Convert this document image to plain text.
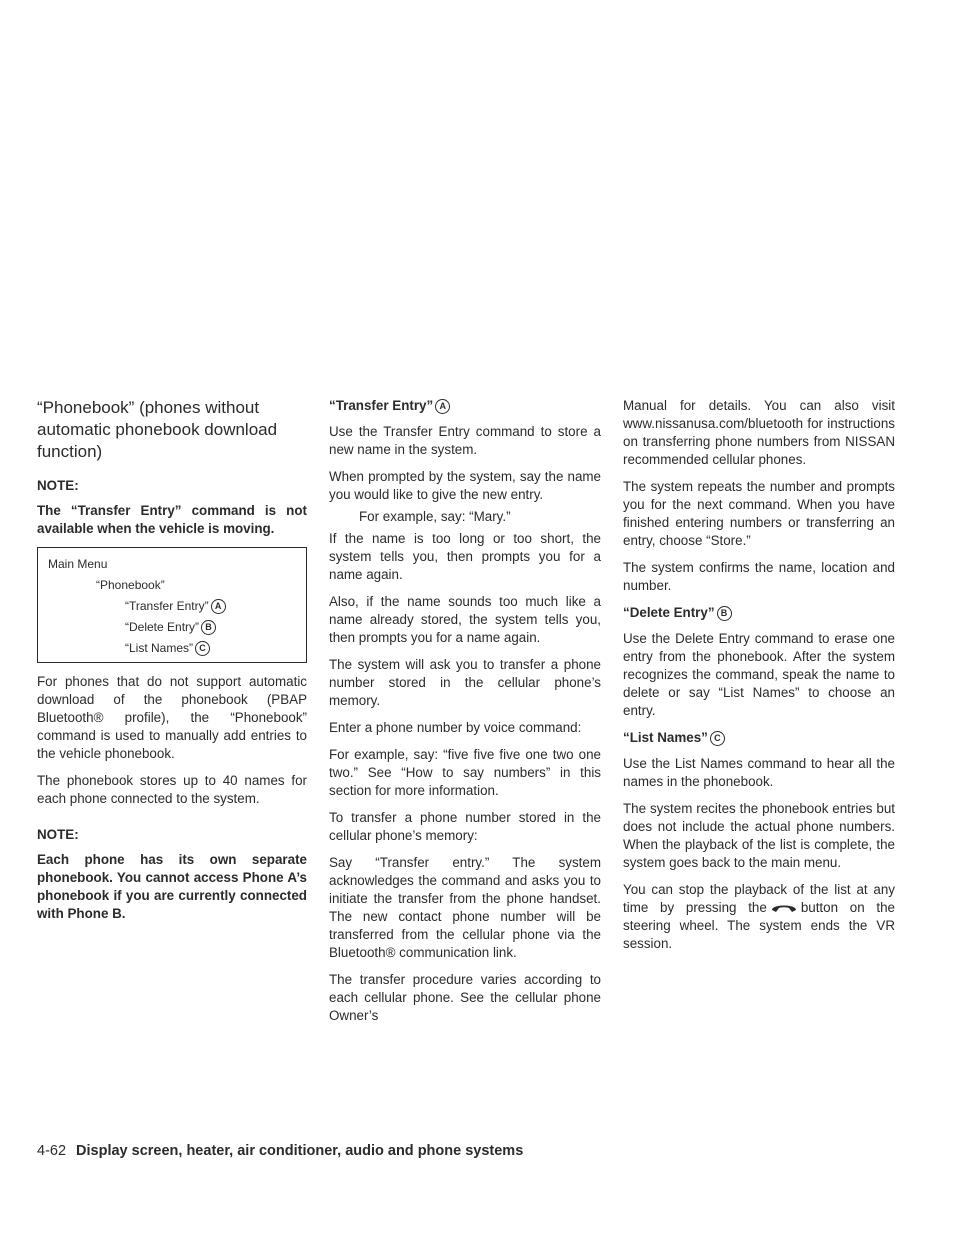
“Phonebook” (phones without automatic phonebook download function)
NOTE:

The “Transfer Entry” command is not available when the vehicle is moving.

Main Menu
“Phonebook”
“Transfer Entry” A
“Delete Entry” B
“List Names” C

For phones that do not support automatic download of the phonebook (PBAP Bluetooth® profile), the “Phonebook” command is used to manually add entries to the vehicle phonebook.

The phonebook stores up to 40 names for each phone connected to the system.

NOTE:

Each phone has its own separate phonebook. You cannot access Phone A’s phonebook if you are currently connected with Phone B.

“Transfer Entry” A

Use the Transfer Entry command to store a new name in the system.

When prompted by the system, say the name you would like to give the new entry.

For example, say: “Mary.”

If the name is too long or too short, the system tells you, then prompts you for a name again.

Also, if the name sounds too much like a name already stored, the system tells you, then prompts you for a name again.

The system will ask you to transfer a phone number stored in the cellular phone’s memory.

Enter a phone number by voice command:

For example, say: “five five five one two one two.” See “How to say numbers” in this section for more information.

To transfer a phone number stored in the cellular phone’s memory:

Say “Transfer entry.” The system acknowledges the command and asks you to initiate the transfer from the phone handset. The new contact phone number will be transferred from the cellular phone via the Bluetooth® communication link.

The transfer procedure varies according to each cellular phone. See the cellular phone Owner’s

Manual for details. You can also visit www.nissanusa.com/bluetooth for instructions on transferring phone numbers from NISSAN recommended cellular phones.

The system repeats the number and prompts you for the next command. When you have finished entering numbers or transferring an entry, choose “Store.”

The system confirms the name, location and number.

“Delete Entry” B

Use the Delete Entry command to erase one entry from the phonebook. After the system recognizes the command, speak the name to delete or say “List Names” to choose an entry.

“List Names” C

Use the List Names command to hear all the names in the phonebook.

The system recites the phonebook entries but does not include the actual phone numbers. When the playback of the list is complete, the system goes back to the main menu.

You can stop the playback of the list at any time by pressing the	button on the steering wheel. The system ends the VR session.

4-62 Display screen, heater, air conditioner, audio and phone systems
